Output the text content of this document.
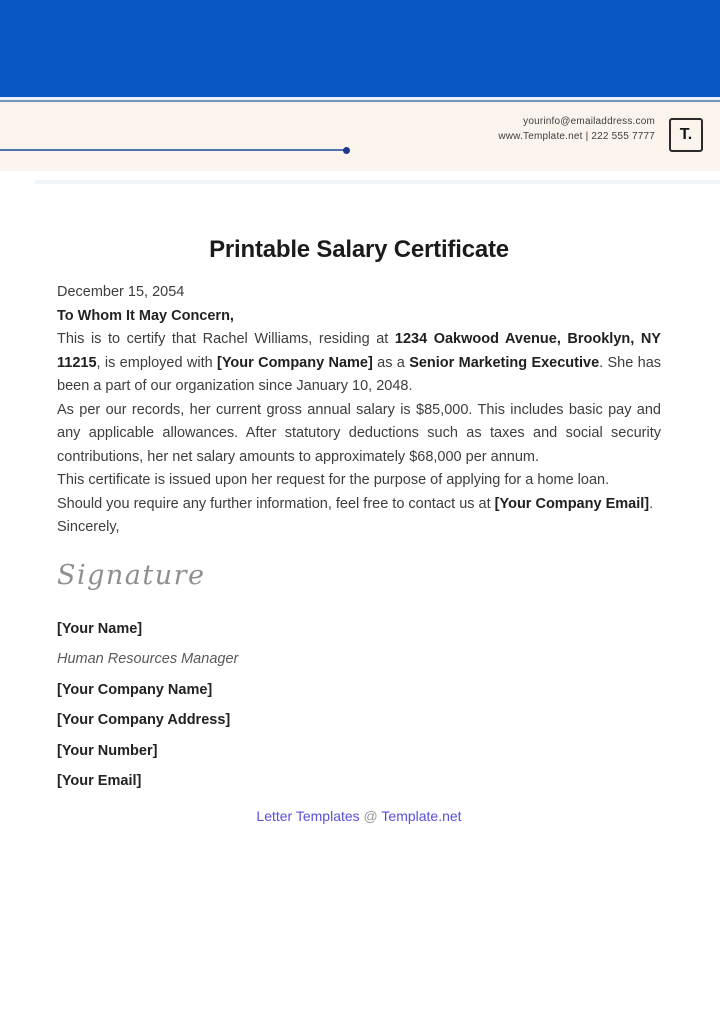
yourinfo@emailaddress.com
www.Template.net | 222 555 7777 T.
Printable Salary Certificate

December 15, 2054

To Whom It May Concern,

This is to certify that Rachel Williams, residing at 1234 Oakwood Avenue, Brooklyn, NY 11215, is employed with [Your Company Name] as a Senior Marketing Executive. She has been a part of our organization since January 10, 2048.

As per our records, her current gross annual salary is $85,000. This includes basic pay and any applicable allowances. After statutory deductions such as taxes and social security contributions, her net salary amounts to approximately $68,000 per annum.

This certificate is issued upon her request for the purpose of applying for a home loan.

Should you require any further information, feel free to contact us at [Your Company Email].

Sincerely,

Signature

[Your Name]

Human Resources Manager

[Your Company Name]

[Your Company Address]

[Your Number]

[Your Email]

Letter Templates @ Template.net
